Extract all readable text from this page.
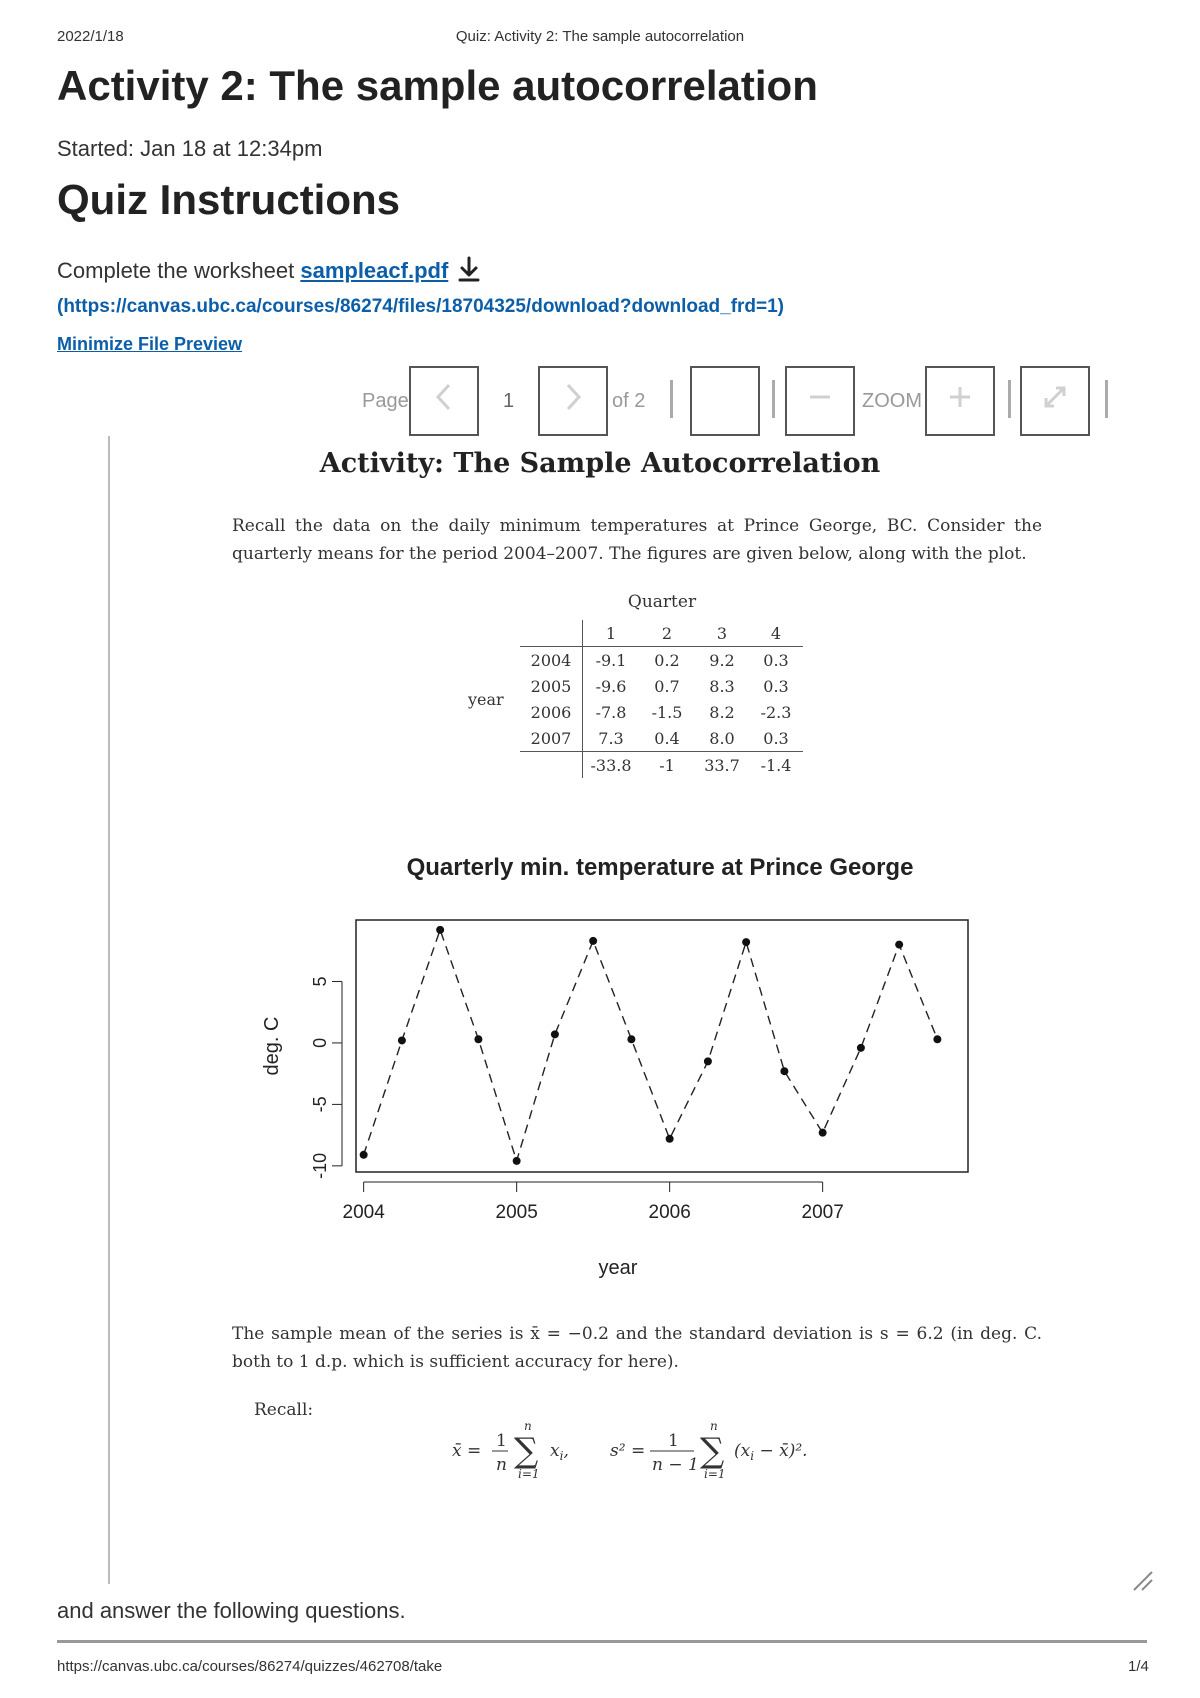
2022/1/18	Quiz: Activity 2: The sample autocorrelation
Activity 2: The sample autocorrelation
Started: Jan 18 at 12:34pm
Quiz Instructions
Complete the worksheet sampleacf.pdf
(https://canvas.ubc.ca/courses/86274/files/18704325/download?download_frd=1)
Minimize File Preview
Page	1	of 2	ZOOM
Activity: The Sample Autocorrelation
Recall the data on the daily minimum temperatures at Prince George, BC. Consider the quarterly means for the period 2004–2007. The figures are given below, along with the plot.
Quarter
year
	1	2	3	4
2004	-9.1	0.2	9.2	0.3
2005	-9.6	0.7	8.3	0.3
2006	-7.8	-1.5	8.2	-2.3
2007	7.3	0.4	8.0	0.3
	-33.8	-1	33.7	-1.4
Quarterly min. temperature at Prince George
-10
-5
0
5
2004	2005	2006	2007
deg. C
year
The sample mean of the series is x̄ = −0.2 and the standard deviation is s = 6.2 (in deg. C. both to 1 d.p. which is sufficient accuracy for here).
Recall:
x̄ = 1
n ∑
n
i=1
$x_i$, s² = 1
n − 1 ∑
n
i=1
($x_i$ − x̄)².
and answer the following questions.
https://canvas.ubc.ca/courses/86274/quizzes/462708/take	1/4
